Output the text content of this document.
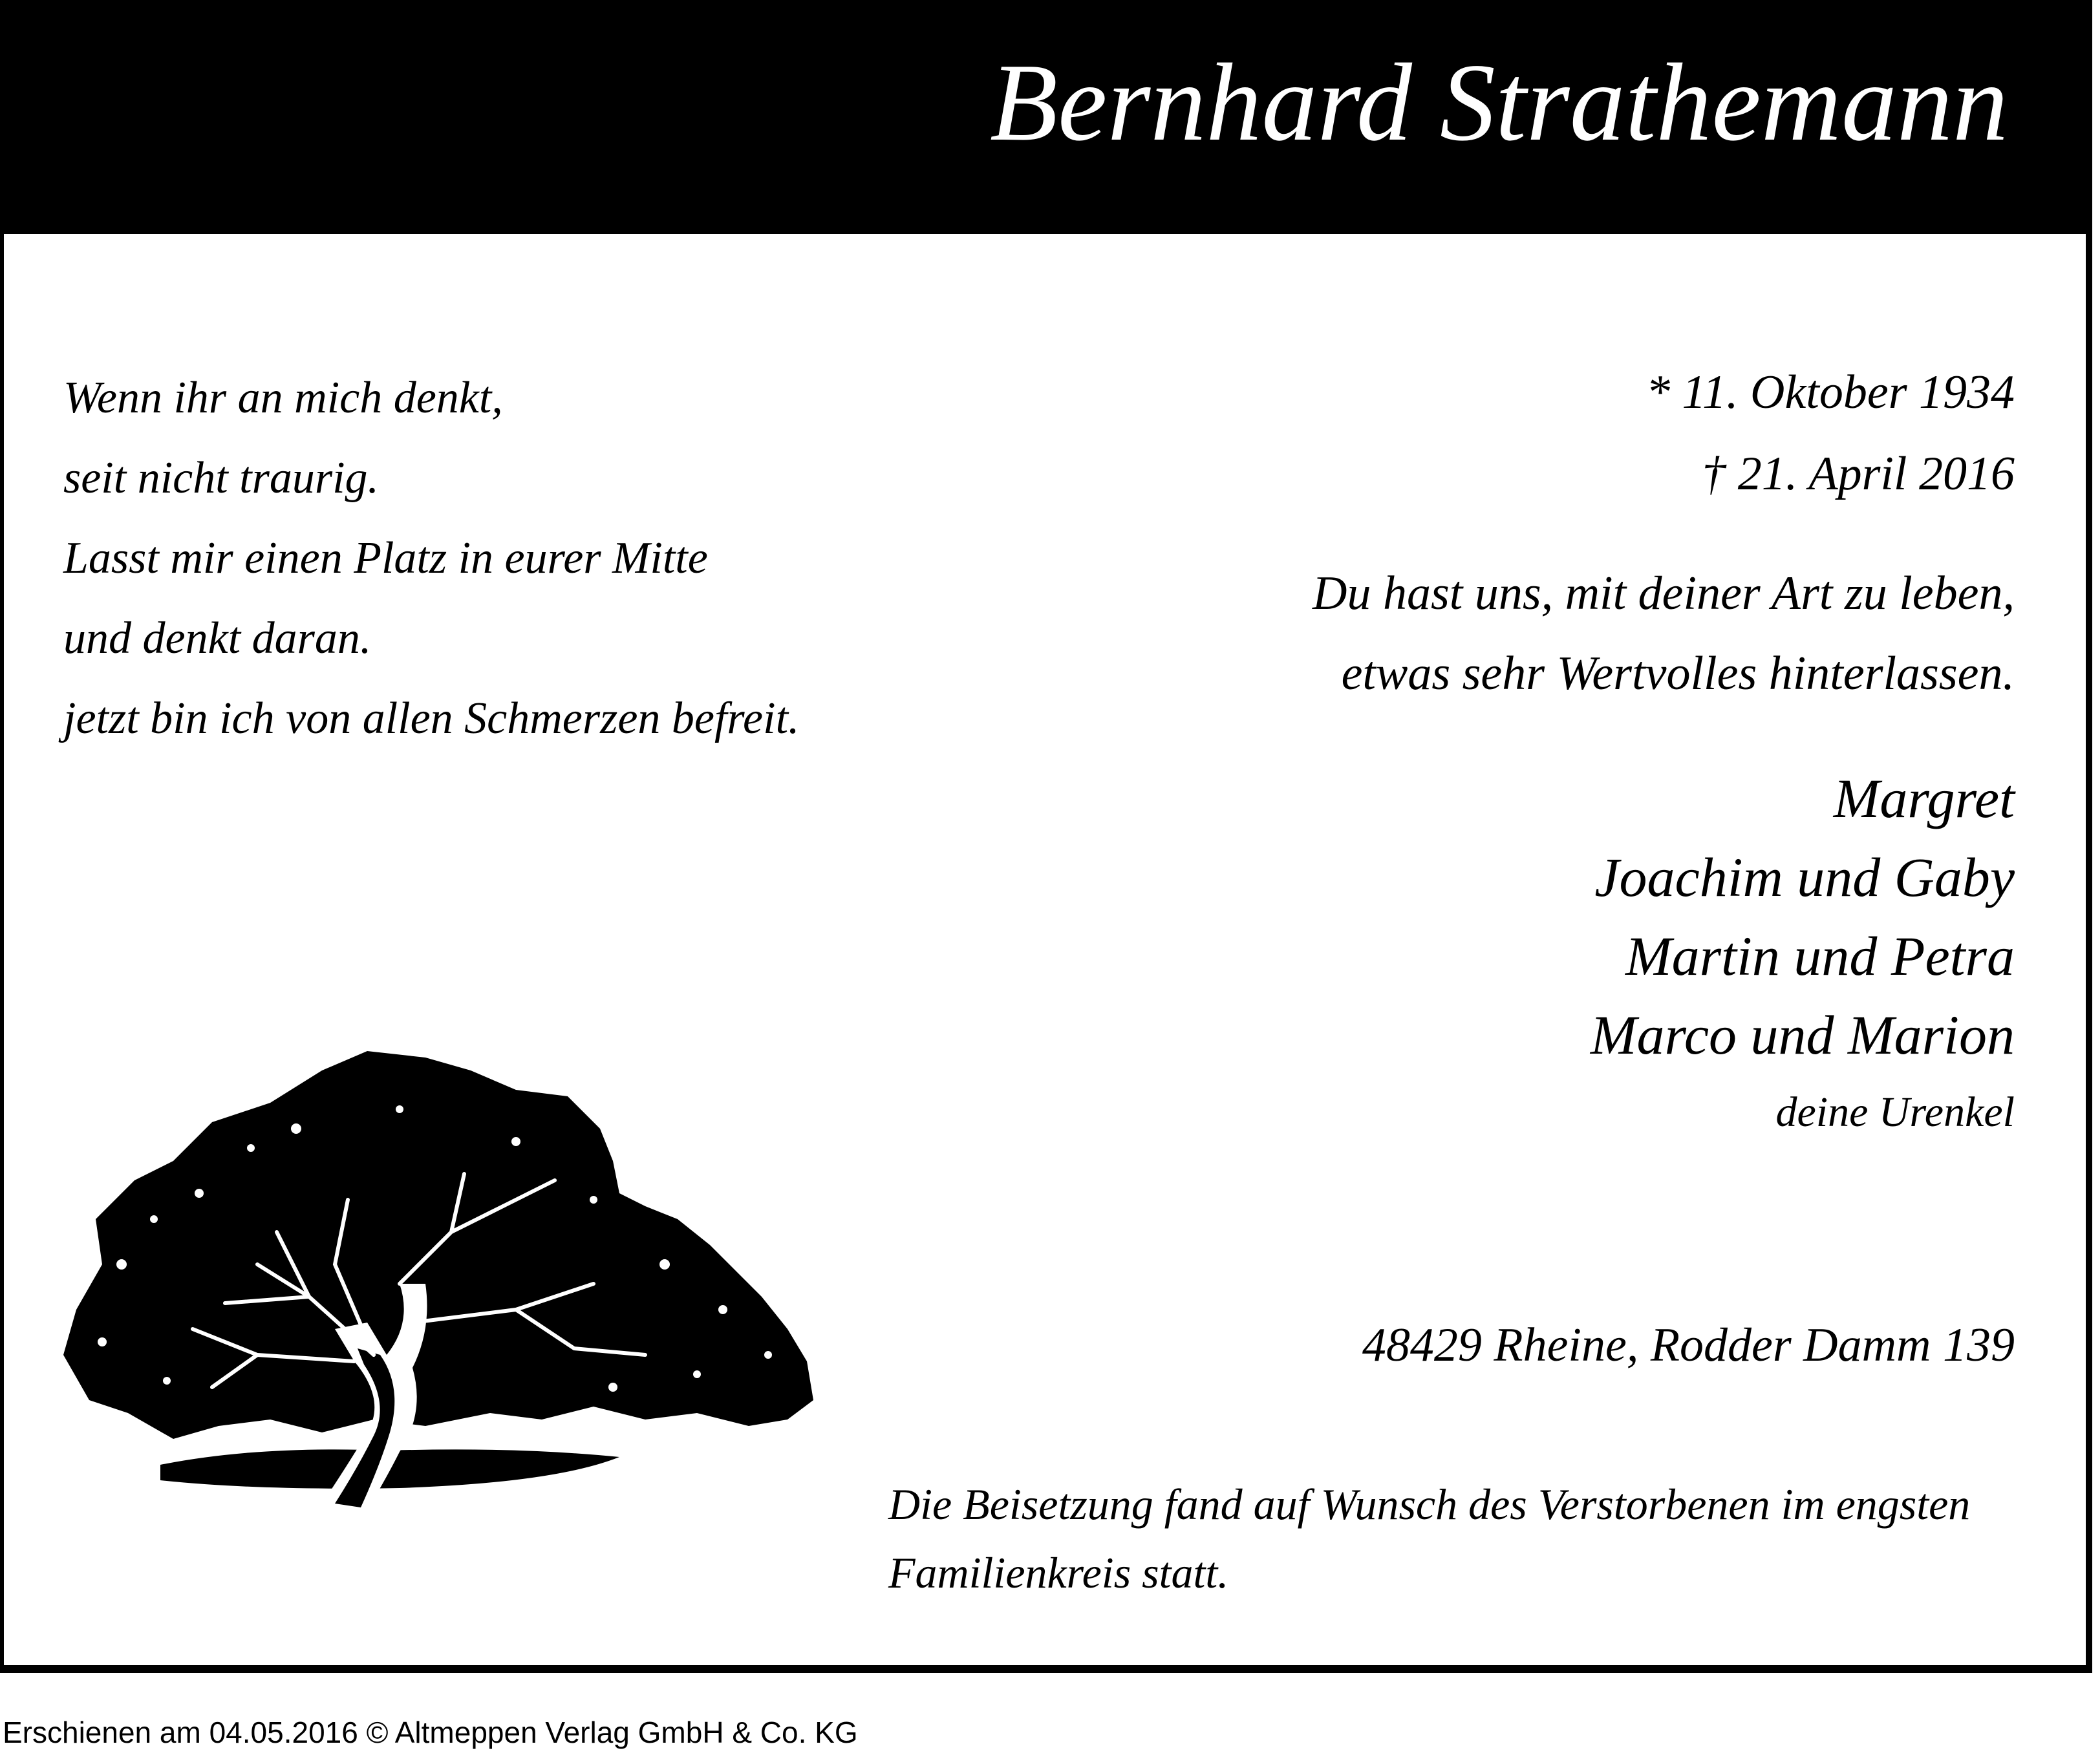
Bernhard Strathemann
Wenn ihr an mich denkt,
seit nicht traurig.
Lasst mir einen Platz in eurer Mitte
und denkt daran.
jetzt bin ich von allen Schmerzen befreit.
* 11. Oktober 1934
† 21. April 2016
Du hast uns, mit deiner Art zu leben,
etwas sehr Wertvolles hinterlassen.
Margret
Joachim und Gaby
Martin und Petra
Marco und Marion
deine Urenkel
48429 Rheine, Rodder Damm 139
Die Beisetzung fand auf Wunsch des Verstorbenen im engsten Familienkreis statt.
Erschienen am 04.05.2016 © Altmeppen Verlag GmbH & Co. KG
